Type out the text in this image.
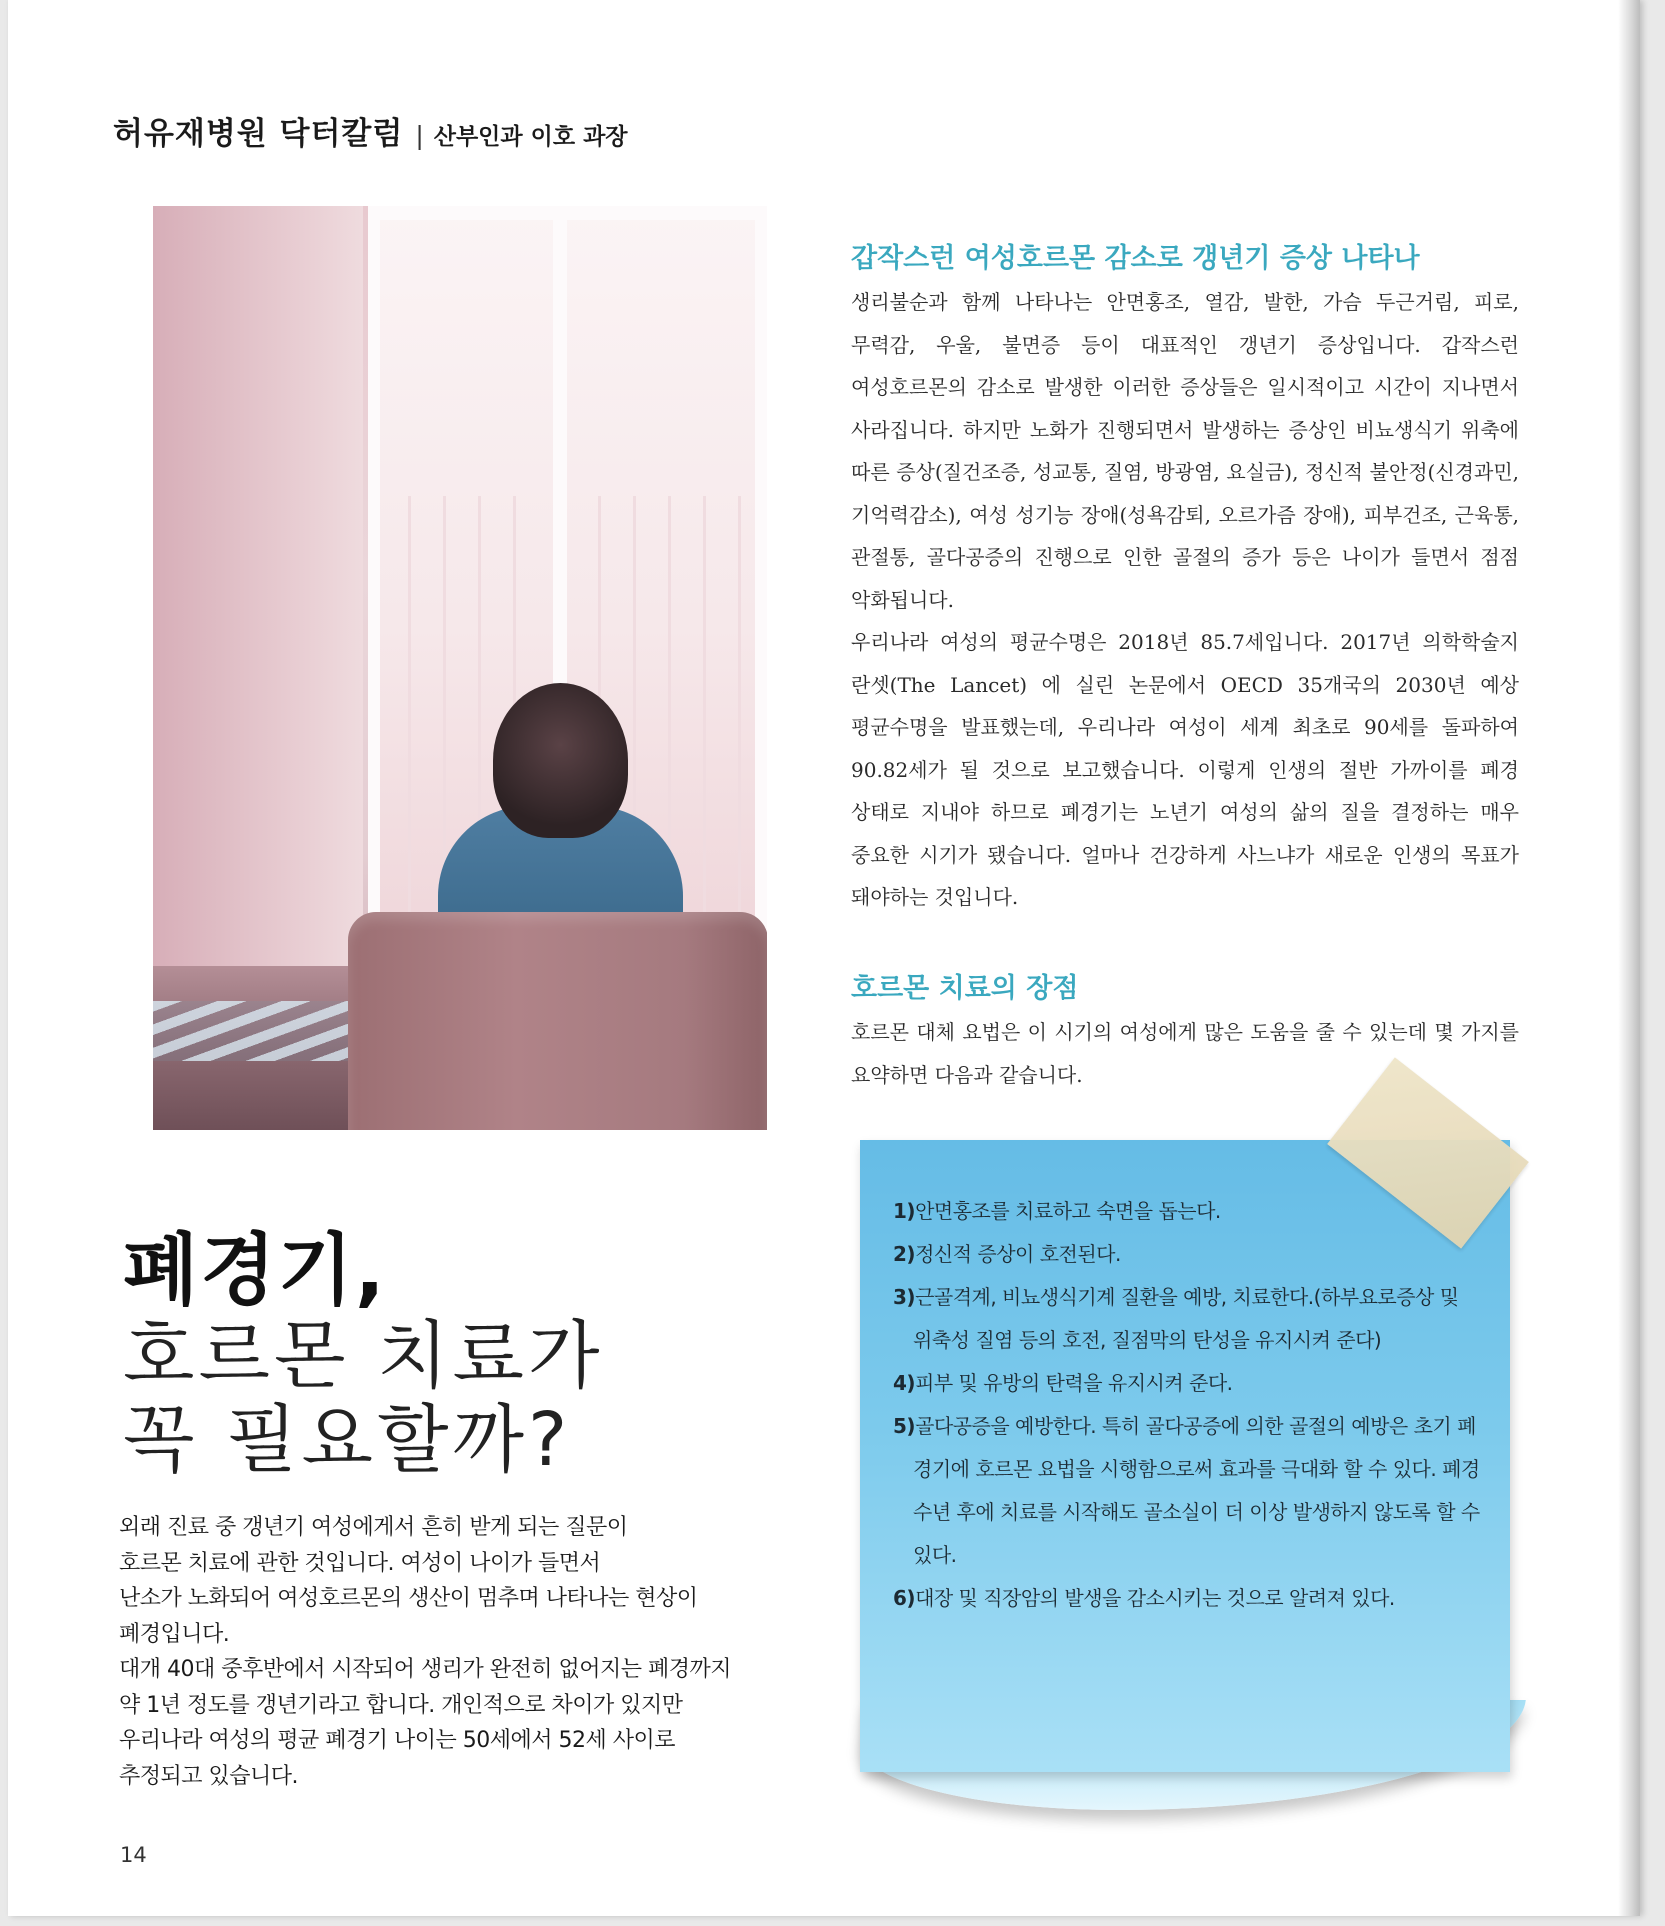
허유재병원 닥터칼럼 | 산부인과 이호 과장
갑작스런 여성호르몬 감소로 갱년기 증상 나타나

생리불순과 함께 나타나는 안면홍조, 열감, 발한, 가슴 두근거림, 피로, 무력감, 우울, 불면증 등이 대표적인 갱년기 증상입니다. 갑작스런 여성호르몬의 감소로 발생한 이러한 증상들은 일시적이고 시간이 지나면서 사라집니다. 하지만 노화가 진행되면서 발생하는 증상인 비뇨생식기 위축에 따른 증상(질건조증, 성교통, 질염, 방광염, 요실금), 정신적 불안정(신경과민, 기억력감소), 여성 성기능 장애(성욕감퇴, 오르가즘 장애), 피부건조, 근육통, 관절통, 골다공증의 진행으로 인한 골절의 증가 등은 나이가 들면서 점점 악화됩니다.

우리나라 여성의 평균수명은 2018년 85.7세입니다. 2017년 의학학술지 란셋(The Lancet) 에 실린 논문에서 OECD 35개국의 2030년 예상 평균수명을 발표했는데, 우리나라 여성이 세계 최초로 90세를 돌파하여 90.82세가 될 것으로 보고했습니다. 이렇게 인생의 절반 가까이를 폐경 상태로 지내야 하므로 폐경기는 노년기 여성의 삶의 질을 결정하는 매우 중요한 시기가 됐습니다. 얼마나 건강하게 사느냐가 새로운 인생의 목표가 돼야하는 것입니다.

호르몬 치료의 장점

호르몬 대체 요법은 이 시기의 여성에게 많은 도움을 줄 수 있는데 몇 가지를 요약하면 다음과 같습니다.

폐경기,
호르몬 치료가
꼭 필요할까?
외래 진료 중 갱년기 여성에게서 흔히 받게 되는 질문이
호르몬 치료에 관한 것입니다. 여성이 나이가 들면서
난소가 노화되어 여성호르몬의 생산이 멈추며 나타나는 현상이
폐경입니다.
대개 40대 중후반에서 시작되어 생리가 완전히 없어지는 폐경까지
약 1년 정도를 갱년기라고 합니다. 개인적으로 차이가 있지만
우리나라 여성의 평균 폐경기 나이는 50세에서 52세 사이로
추정되고 있습니다.
1)안면홍조를 치료하고 숙면을 돕는다.
2)정신적 증상이 호전된다.
3)근골격계, 비뇨생식기계 질환을 예방, 치료한다.(하부요로증상 및 위축성 질염 등의 호전, 질점막의 탄성을 유지시켜 준다)
4)피부 및 유방의 탄력을 유지시켜 준다.
5)골다공증을 예방한다. 특히 골다공증에 의한 골절의 예방은 초기 폐경기에 호르몬 요법을 시행함으로써 효과를 극대화 할 수 있다. 폐경 수년 후에 치료를 시작해도 골소실이 더 이상 발생하지 않도록 할 수 있다.
6)대장 및 직장암의 발생을 감소시키는 것으로 알려져 있다.
14
